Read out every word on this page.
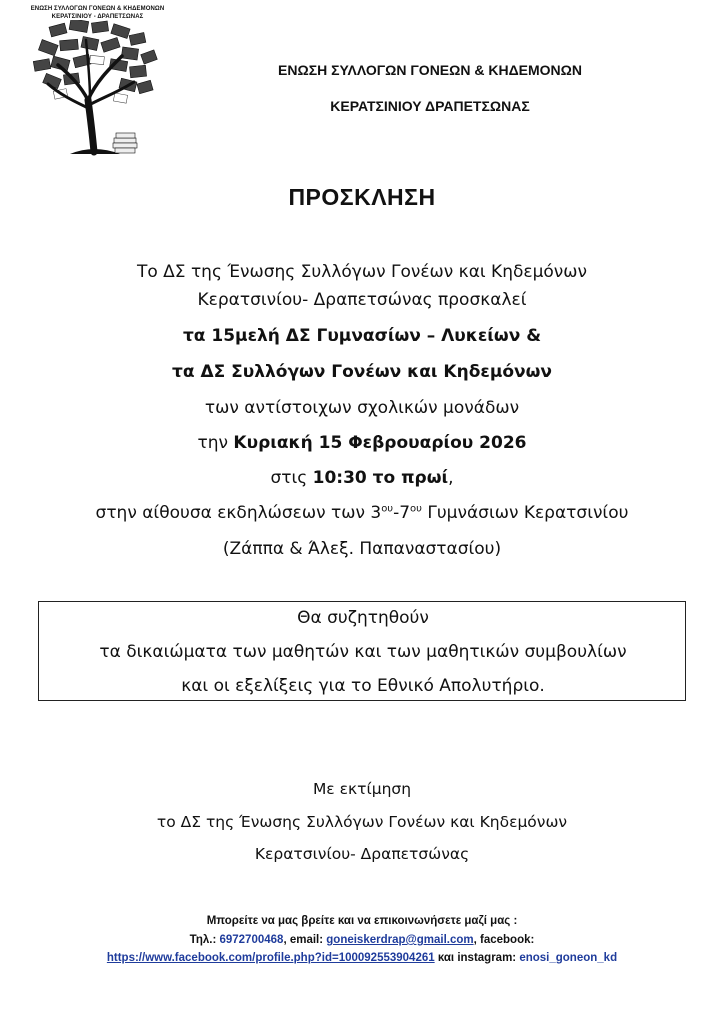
ΕΝΩΣΗ ΣΥΛΛΟΓΩΝ ΓΟΝΕΩΝ & ΚΗΔΕΜΟΝΩΝ
ΚΕΡΑΤΣΙΝΙΟΥ - ΔΡΑΠΕΤΣΩΝΑΣ
ΕΝΩΣΗ ΣΥΛΛΟΓΩΝ ΓΟΝΕΩΝ & ΚΗΔΕΜΟΝΩΝ
ΚΕΡΑΤΣΙΝΙΟΥ ΔΡΑΠΕΤΣΩΝΑΣ
ΠΡΟΣΚΛΗΣΗ
Το ΔΣ της Ένωσης Συλλόγων Γονέων και Κηδεμόνων
Κερατσινίου- Δραπετσώνας προσκαλεί
τα 15μελή ΔΣ Γυμνασίων – Λυκείων &
τα ΔΣ Συλλόγων Γονέων και Κηδεμόνων
των αντίστοιχων σχολικών μονάδων
την Κυριακή 15 Φεβρουαρίου 2026
στις 10:30 το πρωί,
στην αίθουσα εκδηλώσεων των $3^{o\upsilon}-7^{o\upsilon}$ Γυμνάσιων Κερατσινίου
(Ζάππα & Άλεξ. Παπαναστασίου)
Θα συζητηθούν
τα δικαιώματα των μαθητών και των μαθητικών συμβουλίων
και οι εξελίξεις για το Εθνικό Απολυτήριο.
Με εκτίμηση
το ΔΣ της Ένωσης Συλλόγων Γονέων και Κηδεμόνων
Κερατσινίου- Δραπετσώνας
Μπορείτε να μας βρείτε και να επικοινωνήσετε μαζί μας :
Τηλ.: 6972700468, email: goneiskerdrap@gmail.com, facebook:
https://www.facebook.com/profile.php?id=100092553904261 και instagram: enosi_goneon_kd
